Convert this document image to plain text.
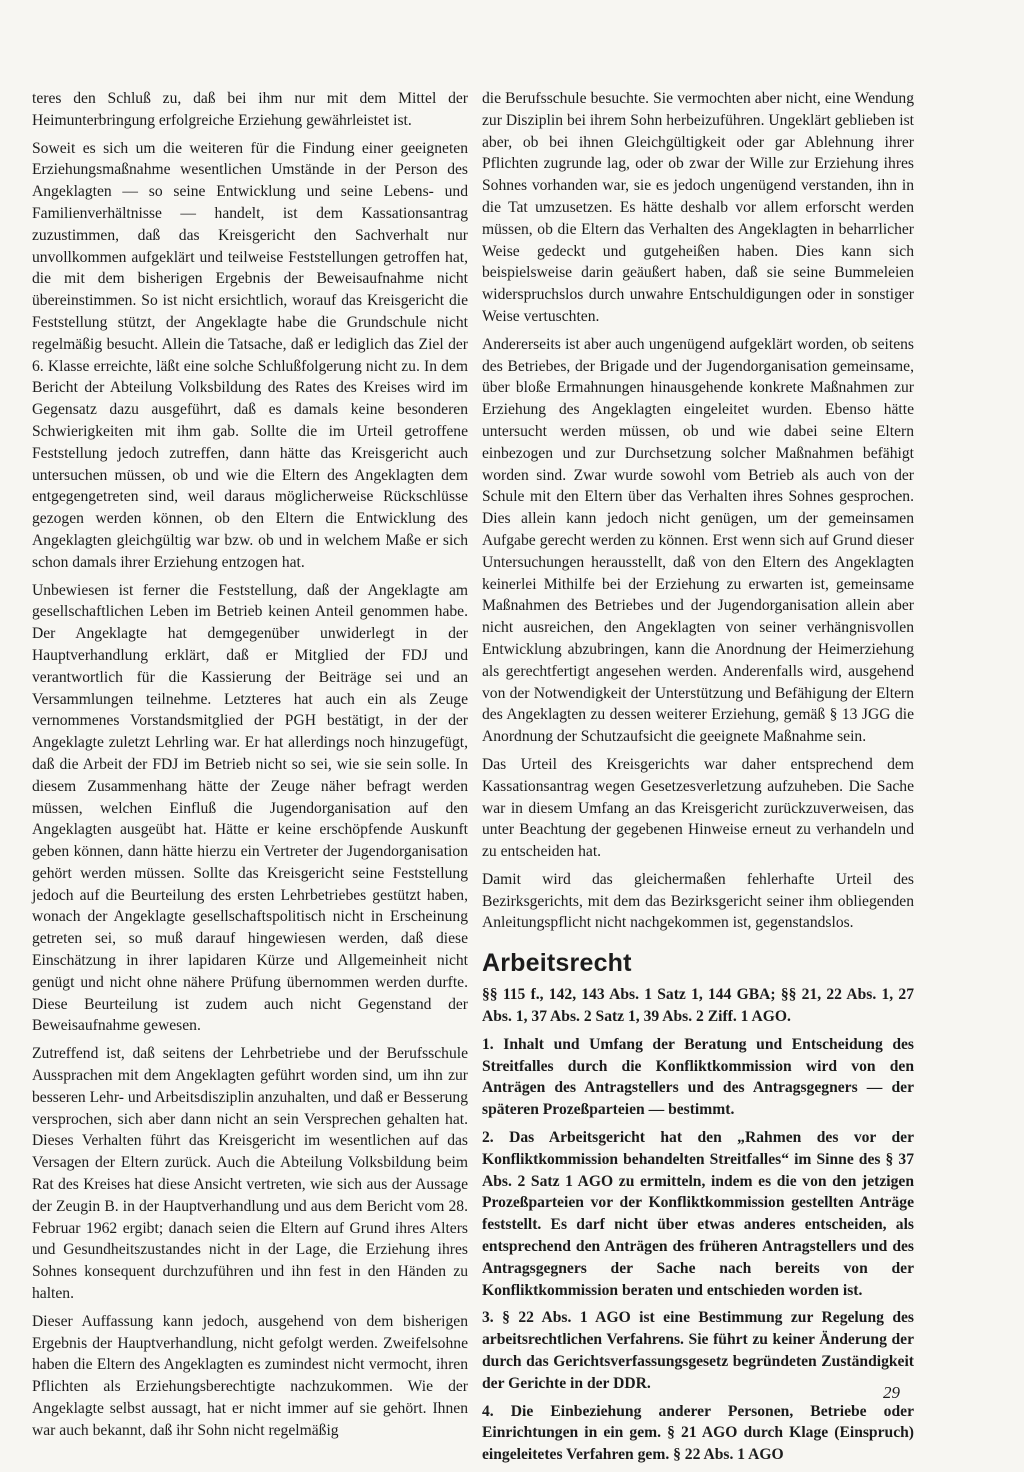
teres den Schluß zu, daß bei ihm nur mit dem Mittel der Heimunterbringung erfolgreiche Erziehung gewährleistet ist.

Soweit es sich um die weiteren für die Findung einer geeigneten Erziehungsmaßnahme wesentlichen Umstände in der Person des Angeklagten — so seine Entwicklung und seine Lebens- und Familienverhältnisse — handelt, ist dem Kassationsantrag zuzustimmen, daß das Kreisgericht den Sachverhalt nur unvollkommen aufgeklärt und teilweise Feststellungen getroffen hat, die mit dem bisherigen Ergebnis der Beweisaufnahme nicht übereinstimmen. So ist nicht ersichtlich, worauf das Kreisgericht die Feststellung stützt, der Angeklagte habe die Grundschule nicht regelmäßig besucht. Allein die Tatsache, daß er lediglich das Ziel der 6. Klasse erreichte, läßt eine solche Schlußfolgerung nicht zu. In dem Bericht der Abteilung Volksbildung des Rates des Kreises wird im Gegensatz dazu ausgeführt, daß es damals keine besonderen Schwierigkeiten mit ihm gab. Sollte die im Urteil getroffene Feststellung jedoch zutreffen, dann hätte das Kreisgericht auch untersuchen müssen, ob und wie die Eltern des Angeklagten dem entgegengetreten sind, weil daraus möglicherweise Rückschlüsse gezogen werden können, ob den Eltern die Entwicklung des Angeklagten gleichgültig war bzw. ob und in welchem Maße er sich schon damals ihrer Erziehung entzogen hat.

Unbewiesen ist ferner die Feststellung, daß der Angeklagte am gesellschaftlichen Leben im Betrieb keinen Anteil genommen habe. Der Angeklagte hat demgegenüber unwiderlegt in der Hauptverhandlung erklärt, daß er Mitglied der FDJ und verantwortlich für die Kassierung der Beiträge sei und an Versammlungen teilnehme. Letzteres hat auch ein als Zeuge vernommenes Vorstandsmitglied der PGH bestätigt, in der der Angeklagte zuletzt Lehrling war. Er hat allerdings noch hinzugefügt, daß die Arbeit der FDJ im Betrieb nicht so sei, wie sie sein solle. In diesem Zusammenhang hätte der Zeuge näher befragt werden müssen, welchen Einfluß die Jugendorganisation auf den Angeklagten ausgeübt hat. Hätte er keine erschöpfende Auskunft geben können, dann hätte hierzu ein Vertreter der Jugendorganisation gehört werden müssen. Sollte das Kreisgericht seine Feststellung jedoch auf die Beurteilung des ersten Lehrbetriebes gestützt haben, wonach der Angeklagte gesellschaftspolitisch nicht in Erscheinung getreten sei, so muß darauf hingewiesen werden, daß diese Einschätzung in ihrer lapidaren Kürze und Allgemeinheit nicht genügt und nicht ohne nähere Prüfung übernommen werden durfte. Diese Beurteilung ist zudem auch nicht Gegenstand der Beweisaufnahme gewesen.

Zutreffend ist, daß seitens der Lehrbetriebe und der Berufsschule Aussprachen mit dem Angeklagten geführt worden sind, um ihn zur besseren Lehr- und Arbeitsdisziplin anzuhalten, und daß er Besserung versprochen, sich aber dann nicht an sein Versprechen gehalten hat. Dieses Verhalten führt das Kreisgericht im wesentlichen auf das Versagen der Eltern zurück. Auch die Abteilung Volksbildung beim Rat des Kreises hat diese Ansicht vertreten, wie sich aus der Aussage der Zeugin B. in der Hauptverhandlung und aus dem Bericht vom 28. Februar 1962 ergibt; danach seien die Eltern auf Grund ihres Alters und Gesundheitszustandes nicht in der Lage, die Erziehung ihres Sohnes konsequent durchzuführen und ihn fest in den Händen zu halten.

Dieser Auffassung kann jedoch, ausgehend von dem bisherigen Ergebnis der Hauptverhandlung, nicht gefolgt werden. Zweifelsohne haben die Eltern des Angeklagten es zumindest nicht vermocht, ihren Pflichten als Erziehungsberechtigte nachzukommen. Wie der Angeklagte selbst aussagt, hat er nicht immer auf sie gehört. Ihnen war auch bekannt, daß ihr Sohn nicht regelmäßig

die Berufsschule besuchte. Sie vermochten aber nicht, eine Wendung zur Disziplin bei ihrem Sohn herbeizuführen. Ungeklärt geblieben ist aber, ob bei ihnen Gleichgültigkeit oder gar Ablehnung ihrer Pflichten zugrunde lag, oder ob zwar der Wille zur Erziehung ihres Sohnes vorhanden war, sie es jedoch ungenügend verstanden, ihn in die Tat umzusetzen. Es hätte deshalb vor allem erforscht werden müssen, ob die Eltern das Verhalten des Angeklagten in beharrlicher Weise gedeckt und gutgeheißen haben. Dies kann sich beispielsweise darin geäußert haben, daß sie seine Bummeleien widerspruchslos durch unwahre Entschuldigungen oder in sonstiger Weise vertuschten.

Andererseits ist aber auch ungenügend aufgeklärt worden, ob seitens des Betriebes, der Brigade und der Jugendorganisation gemeinsame, über bloße Ermahnungen hinausgehende konkrete Maßnahmen zur Erziehung des Angeklagten eingeleitet wurden. Ebenso hätte untersucht werden müssen, ob und wie dabei seine Eltern einbezogen und zur Durchsetzung solcher Maßnahmen befähigt worden sind. Zwar wurde sowohl vom Betrieb als auch von der Schule mit den Eltern über das Verhalten ihres Sohnes gesprochen. Dies allein kann jedoch nicht genügen, um der gemeinsamen Aufgabe gerecht werden zu können. Erst wenn sich auf Grund dieser Untersuchungen herausstellt, daß von den Eltern des Angeklagten keinerlei Mithilfe bei der Erziehung zu erwarten ist, gemeinsame Maßnahmen des Betriebes und der Jugendorganisation allein aber nicht ausreichen, den Angeklagten von seiner verhängnisvollen Entwicklung abzubringen, kann die Anordnung der Heimerziehung als gerechtfertigt angesehen werden. Anderenfalls wird, ausgehend von der Notwendigkeit der Unterstützung und Befähigung der Eltern des Angeklagten zu dessen weiterer Erziehung, gemäß § 13 JGG die Anordnung der Schutzaufsicht die geeignete Maßnahme sein.

Das Urteil des Kreisgerichts war daher entsprechend dem Kassationsantrag wegen Gesetzesverletzung aufzuheben. Die Sache war in diesem Umfang an das Kreisgericht zurückzuverweisen, das unter Beachtung der gegebenen Hinweise erneut zu verhandeln und zu entscheiden hat.

Damit wird das gleichermaßen fehlerhafte Urteil des Bezirksgerichts, mit dem das Bezirksgericht seiner ihm obliegenden Anleitungspflicht nicht nachgekommen ist, gegenstandslos.

Arbeitsrecht

§§ 115 f., 142, 143 Abs. 1 Satz 1, 144 GBA; §§ 21, 22 Abs. 1, 27 Abs. 1, 37 Abs. 2 Satz 1, 39 Abs. 2 Ziff. 1 AGO.

1. Inhalt und Umfang der Beratung und Entscheidung des Streitfalles durch die Konfliktkommission wird von den Anträgen des Antragstellers und des Antragsgegners — der späteren Prozeßparteien — bestimmt.

2. Das Arbeitsgericht hat den „Rahmen des vor der Konfliktkommission behandelten Streitfalles“ im Sinne des § 37 Abs. 2 Satz 1 AGO zu ermitteln, indem es die von den jetzigen Prozeßparteien vor der Konfliktkommission gestellten Anträge feststellt. Es darf nicht über etwas anderes entscheiden, als entsprechend den Anträgen des früheren Antragstellers und des Antragsgegners der Sache nach bereits von der Konfliktkommission beraten und entschieden worden ist.

3. § 22 Abs. 1 AGO ist eine Bestimmung zur Regelung des arbeitsrechtlichen Verfahrens. Sie führt zu keiner Änderung der durch das Gerichtsverfassungsgesetz begründeten Zuständigkeit der Gerichte in der DDR.

4. Die Einbeziehung anderer Personen, Betriebe oder Einrichtungen in ein gem. § 21 AGO durch Klage (Einspruch) eingeleitetes Verfahren gem. § 22 Abs. 1 AGO

29
